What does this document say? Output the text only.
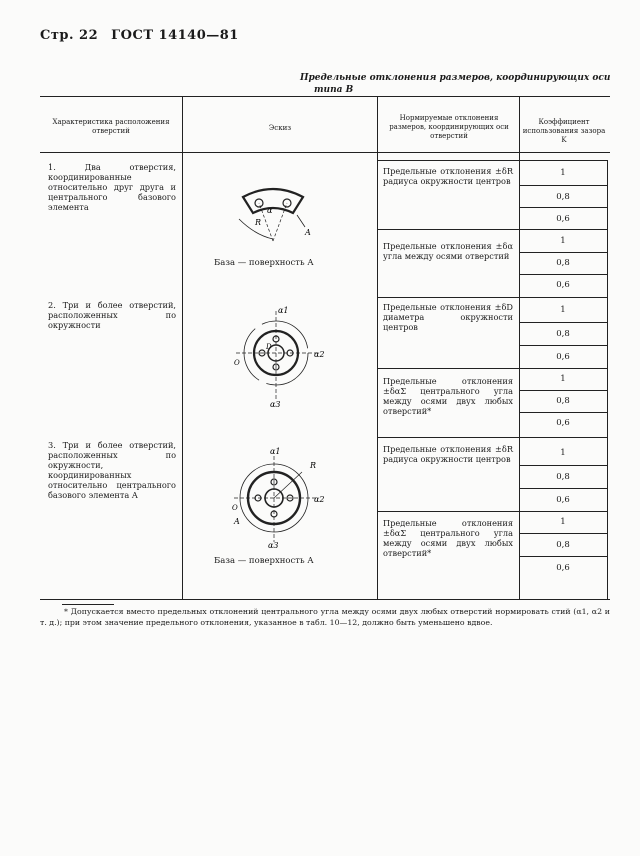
Стр. 22 ГОСТ 14140—81
Предельные отклонения размеров, координирующих оси
типа В
Характеристика расположения отверстий	Эскиз
Нормируемые отклонения размеров, координирующих оси отверстий
Коэффициент использования зазора K
1. Два отверстия, координированные относительно друг друга и центрального базового элемента
2. Три и более отверстий, расположенных по окружности
3. Три и более отверстий, расположенных по окружности, координированных относительно центрального базового элемента A
Предельные отклонения ±δR радиуса окружности центров
Предельные отклонения ±δα угла между осями отверстий
1
0,8
0,6
1
0,8
0,6
Предельные отклонения ±δD диаметра окружности центров
Предельные отклонения ±δαΣ центрального угла между осями двух любых отверстий*
1
0,8
0,6
1
0,8
0,6
Предельные отклонения ±δR радиуса окружности центров
Предельные отклонения ±δαΣ центрального угла между осями двух любых отверстий*
1
0,8
0,6
1
0,8
0,6
База — поверхность A
База — поверхность A
α
R
A
α1
α2
α3
O
D
α1
R
α2
O
A
α3
* Допускается вместо предельных отклонений центрального угла между осями двух любых отверстий нормировать стий (α1, α2 и т. д.); при этом значение предельного отклонения, указанное в табл. 10—12, должно быть уменьшено вдвое.
